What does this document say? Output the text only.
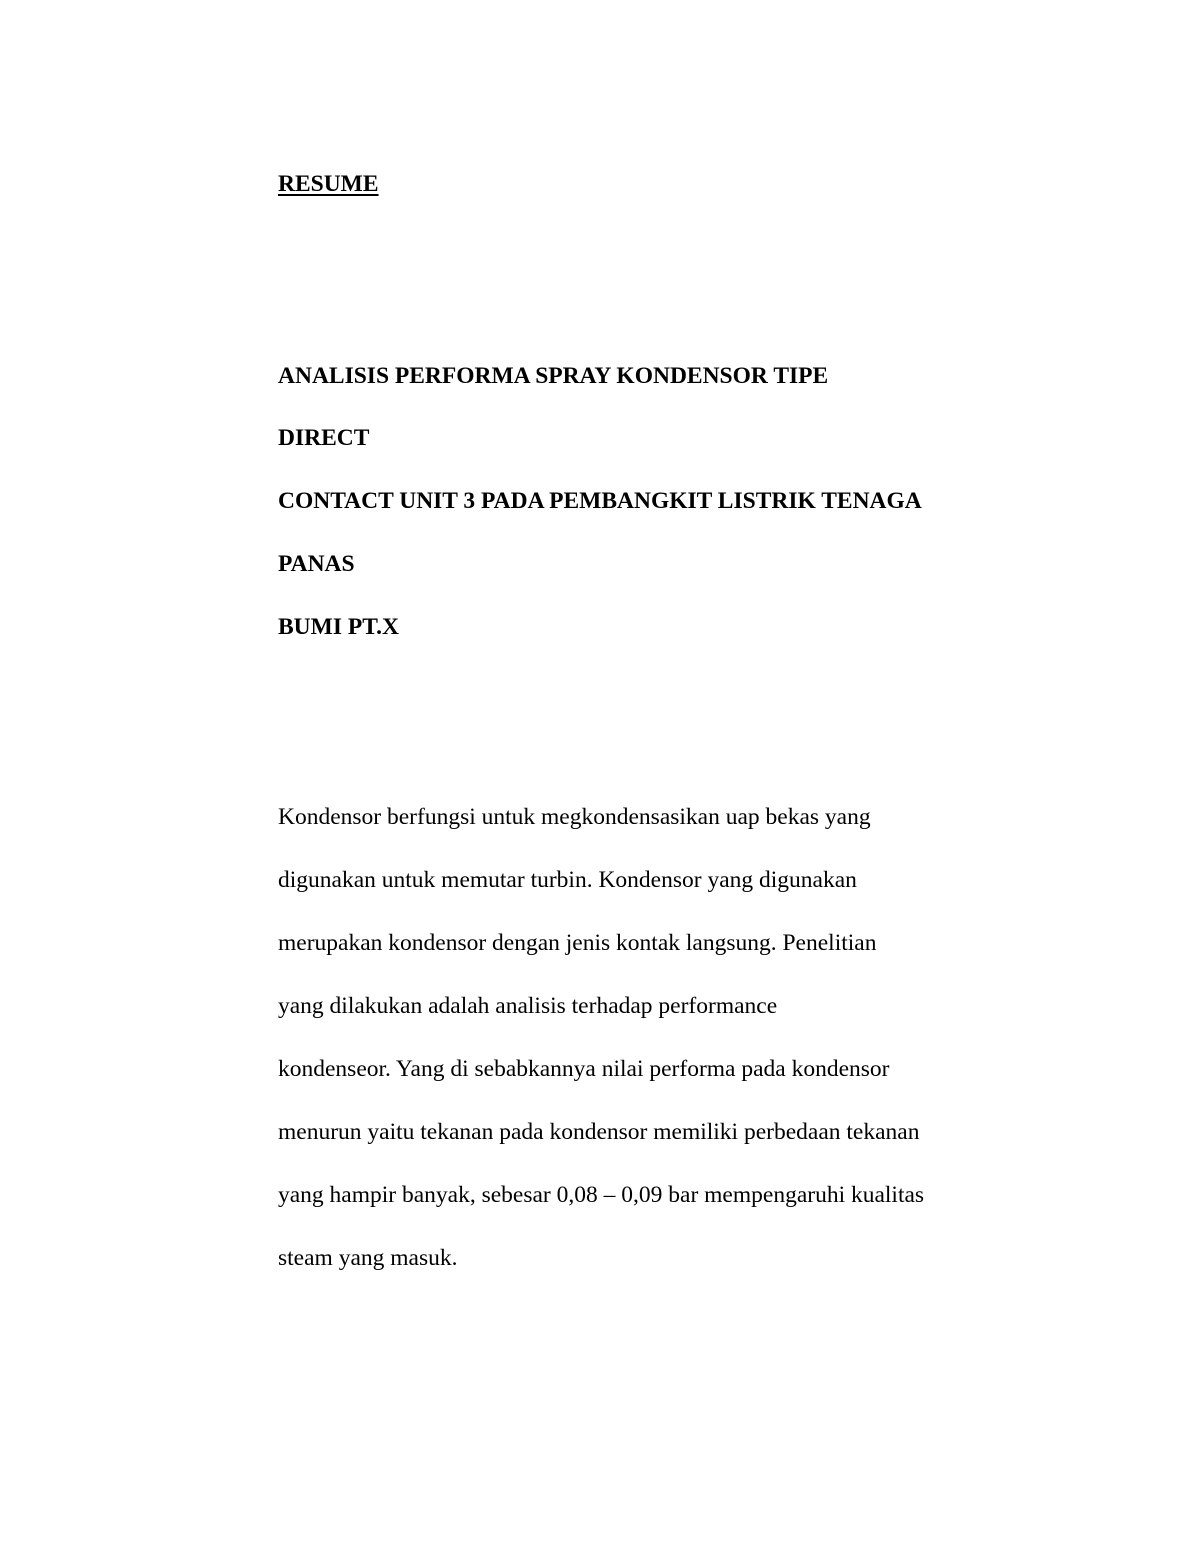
RESUME
ANALISIS PERFORMA SPRAY KONDENSOR TIPE
DIRECT
CONTACT UNIT 3 PADA PEMBANGKIT LISTRIK TENAGA
PANAS
BUMI PT.X
Kondensor berfungsi untuk megkondensasikan uap bekas yang
digunakan untuk memutar turbin. Kondensor yang digunakan
merupakan kondensor dengan jenis kontak langsung. Penelitian
yang dilakukan adalah analisis terhadap performance
kondenseor. Yang di sebabkannya nilai performa pada kondensor
menurun yaitu tekanan pada kondensor memiliki perbedaan tekanan
yang hampir banyak, sebesar 0,08 – 0,09 bar mempengaruhi kualitas
steam yang masuk.
